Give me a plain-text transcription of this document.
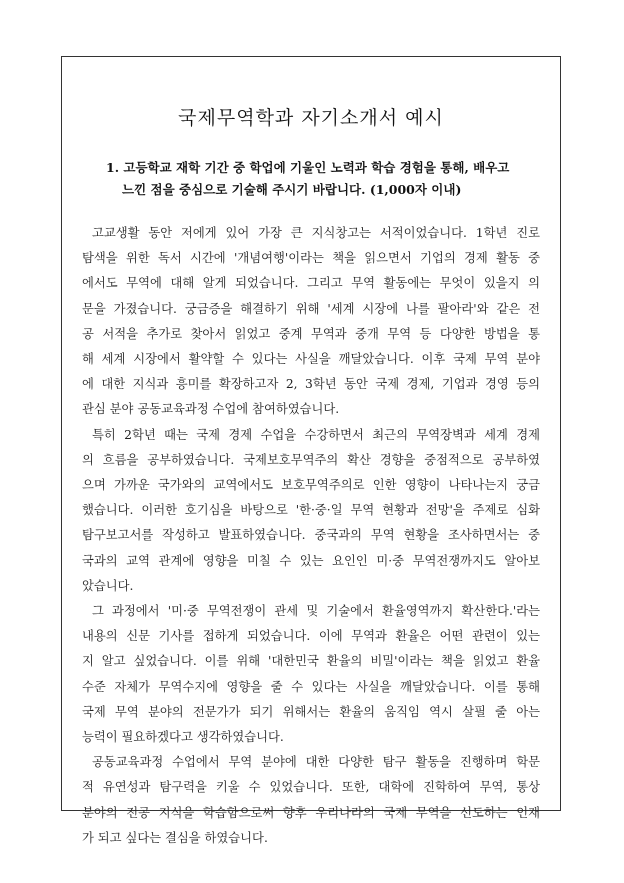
국제무역학과 자기소개서 예시
1. 고등학교 재학 기간 중 학업에 기울인 노력과 학습 경험을 통해, 배우고
느낀 점을 중심으로 기술해 주시기 바랍니다. (1,000자 이내)
고교생활 동안 저에게 있어 가장 큰 지식창고는 서적이었습니다. 1학년 진로
탐색을 위한 독서 시간에 '개념여행'이라는 책을 읽으면서 기업의 경제 활동 중
에서도 무역에 대해 알게 되었습니다. 그리고 무역 활동에는 무엇이 있을지 의
문을 가졌습니다. 궁금증을 해결하기 위해 '세계 시장에 나를 팔아라'와 같은 전
공 서적을 추가로 찾아서 읽었고 중계 무역과 중개 무역 등 다양한 방법을 통
해 세계 시장에서 활약할 수 있다는 사실을 깨달았습니다. 이후 국제 무역 분야
에 대한 지식과 흥미를 확장하고자 2, 3학년 동안 국제 경제, 기업과 경영 등의
관심 분야 공동교육과정 수업에 참여하였습니다.
특히 2학년 때는 국제 경제 수업을 수강하면서 최근의 무역장벽과 세계 경제
의 흐름을 공부하였습니다. 국제보호무역주의 확산 경향을 중점적으로 공부하였
으며 가까운 국가와의 교역에서도 보호무역주의로 인한 영향이 나타나는지 궁금
했습니다. 이러한 호기심을 바탕으로 '한·중·일 무역 현황과 전망'을 주제로 심화
탐구보고서를 작성하고 발표하였습니다. 중국과의 무역 현황을 조사하면서는 중
국과의 교역 관계에 영향을 미칠 수 있는 요인인 미·중 무역전쟁까지도 알아보
았습니다.
그 과정에서 '미·중 무역전쟁이 관세 및 기술에서 환율영역까지 확산한다.'라는
내용의 신문 기사를 접하게 되었습니다. 이에 무역과 환율은 어떤 관련이 있는
지 알고 싶었습니다. 이를 위해 '대한민국 환율의 비밀'이라는 책을 읽었고 환율
수준 자체가 무역수지에 영향을 줄 수 있다는 사실을 깨달았습니다. 이를 통해
국제 무역 분야의 전문가가 되기 위해서는 환율의 움직임 역시 살필 줄 아는
능력이 필요하겠다고 생각하였습니다.
공동교육과정 수업에서 무역 분야에 대한 다양한 탐구 활동을 진행하며 학문
적 유연성과 탐구력을 키울 수 있었습니다. 또한, 대학에 진학하여 무역, 통상
분야의 전공 지식을 학습함으로써 향후 우리나라의 국제 무역을 선도하는 인재
가 되고 싶다는 결심을 하였습니다.
